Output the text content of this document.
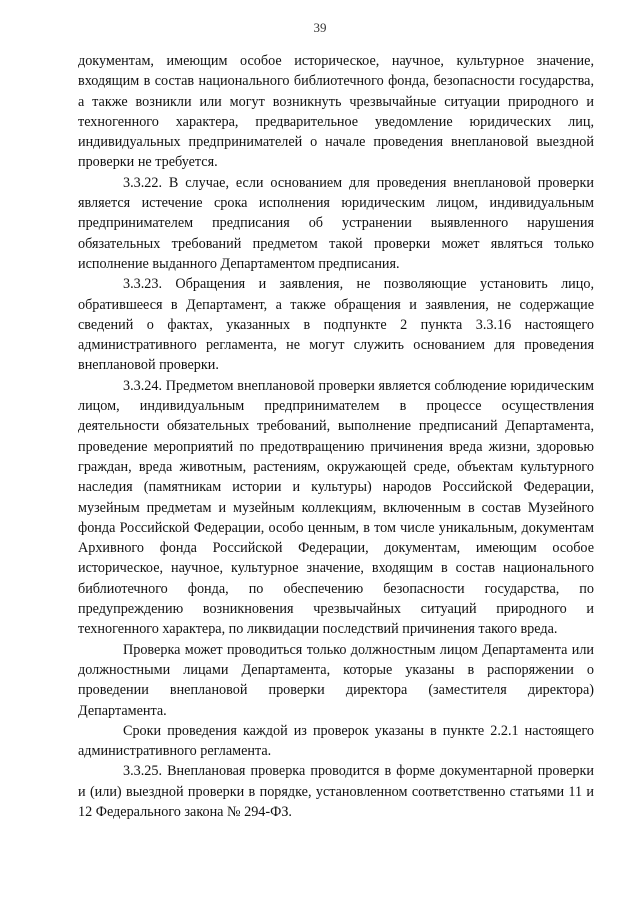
39

документам, имеющим особое историческое, научное, культурное значение, входящим в состав национального библиотечного фонда, безопасности государства, а также возникли или могут возникнуть чрезвычайные ситуации природного и техногенного характера, предварительное уведомление юридических лиц, индивидуальных предпринимателей о начале проведения внеплановой выездной проверки не требуется.

3.3.22. В случае, если основанием для проведения внеплановой проверки является истечение срока исполнения юридическим лицом, индивидуальным предпринимателем предписания об устранении выявленного нарушения обязательных требований предметом такой проверки может являться только исполнение выданного Департаментом предписания.

3.3.23. Обращения и заявления, не позволяющие установить лицо, обратившееся в Департамент, а также обращения и заявления, не содержащие сведений о фактах, указанных в подпункте 2 пункта 3.3.16 настоящего административного регламента, не могут служить основанием для проведения внеплановой проверки.

3.3.24. Предметом внеплановой проверки является соблюдение юридическим лицом, индивидуальным предпринимателем в процессе осуществления деятельности обязательных требований, выполнение предписаний Департамента, проведение мероприятий по предотвращению причинения вреда жизни, здоровью граждан, вреда животным, растениям, окружающей среде, объектам культурного наследия (памятникам истории и культуры) народов Российской Федерации, музейным предметам и музейным коллекциям, включенным в состав Музейного фонда Российской Федерации, особо ценным, в том числе уникальным, документам Архивного фонда Российской Федерации, документам, имеющим особое историческое, научное, культурное значение, входящим в состав национального библиотечного фонда, по обеспечению безопасности государства, по предупреждению возникновения чрезвычайных ситуаций природного и техногенного характера, по ликвидации последствий причинения такого вреда.

Проверка может проводиться только должностным лицом Департамента или должностными лицами Департамента, которые указаны в распоряжении о проведении внеплановой проверки директора (заместителя директора) Департамента.

Сроки проведения каждой из проверок указаны в пункте 2.2.1 настоящего административного регламента.

3.3.25. Внеплановая проверка проводится в форме документарной проверки и (или) выездной проверки в порядке, установленном соответственно статьями 11 и 12 Федерального закона № 294-ФЗ.
